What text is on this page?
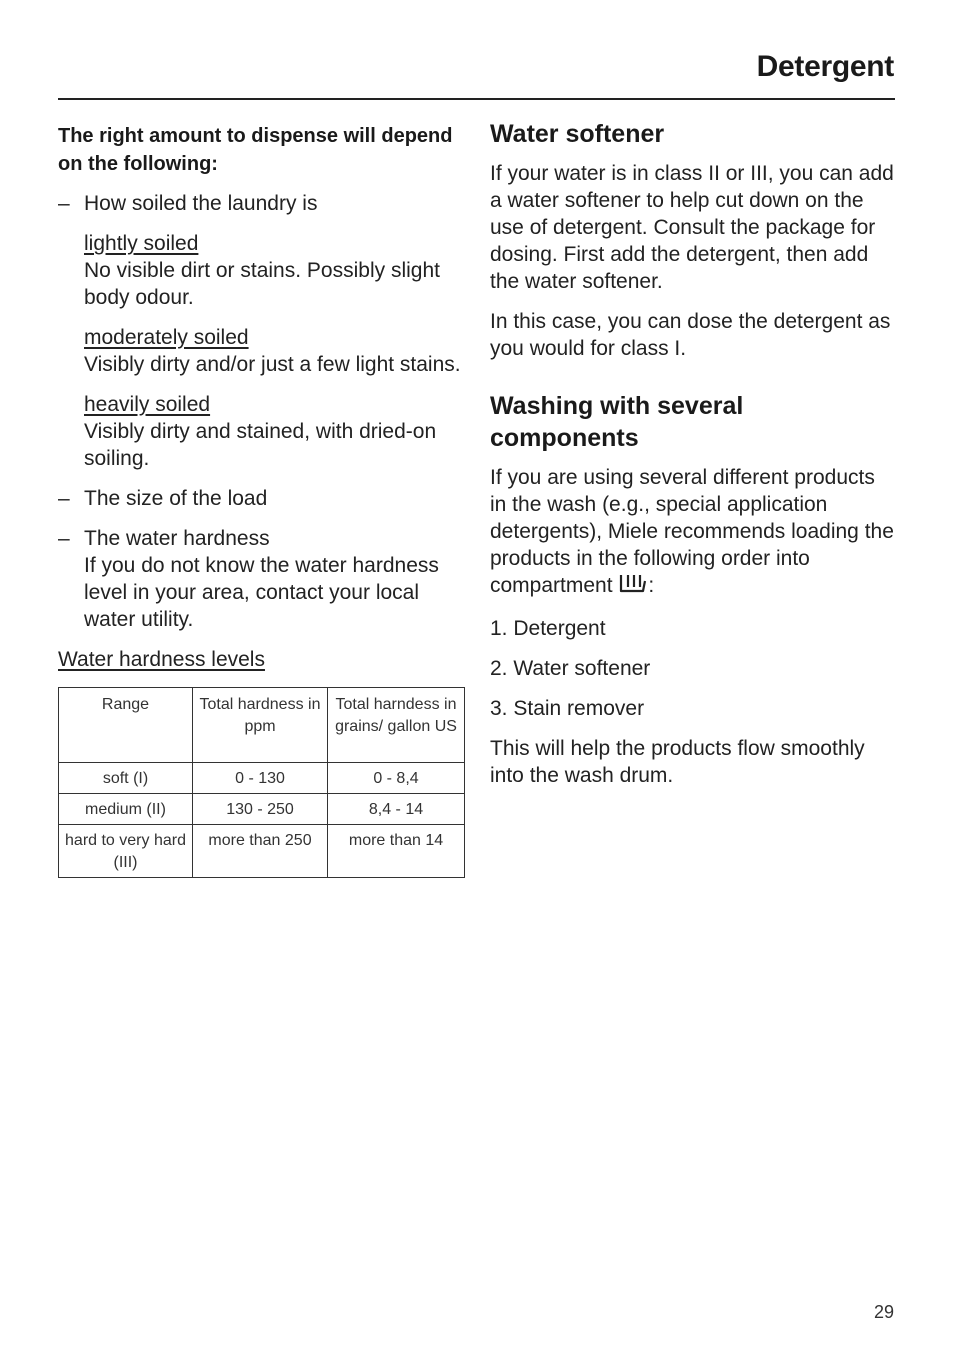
Detergent

The right amount to dispense will depend on the following:

– How soiled the laundry is
lightly soiled
No visible dirt or stains. Possibly slight body odour.
moderately soiled
Visibly dirty and/or just a few light stains.
heavily soiled
Visibly dirty and stained, with dried-on soiling.
– The size of the load
– The water hardness
If you do not know the water hardness level in your area, contact your local water utility.
Water hardness levels
Range	Total hardness in ppm	Total harndess in grains/ gallon US
soft (I)	0 - 130	0 - 8,4
medium (II)	130 - 250	8,4 - 14
hard to very hard (III)	more than 250	more than 14
Water softener

If your water is in class II or III, you can add a water softener to help cut down on the use of detergent. Consult the package for dosing. First add the detergent, then add the water softener.

In this case, you can dose the detergent as you would for class I.

Washing with several components

If you are using several different products in the wash (e.g., special application detergents), Miele recommends loading the products in the following order into compartment :

1. Detergent
2. Water softener
3. Stain remover

This will help the products flow smoothly into the wash drum.

29
